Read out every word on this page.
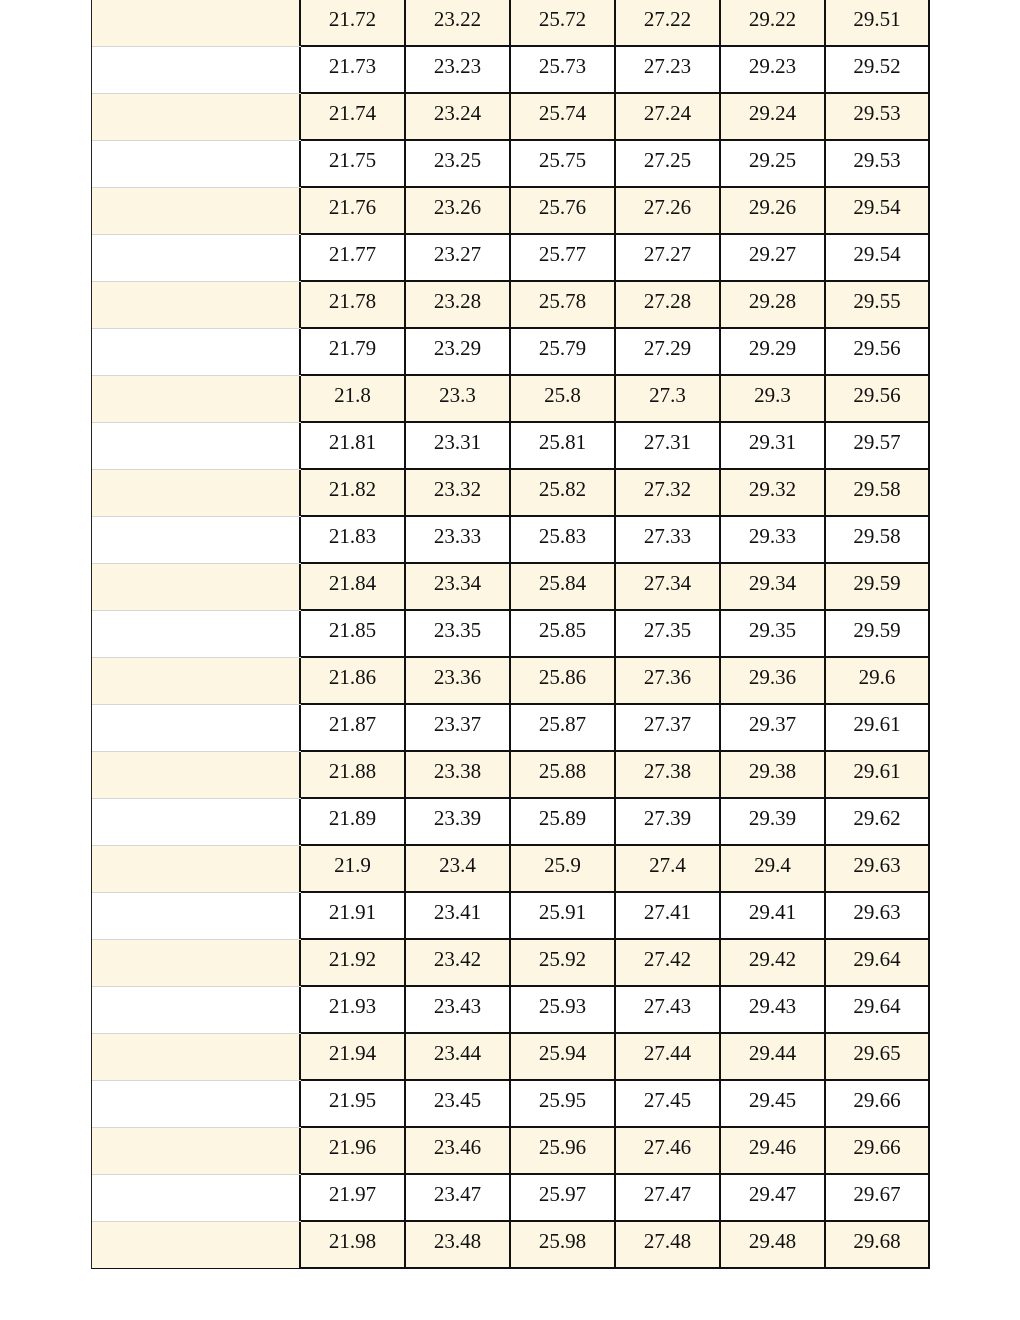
21.72	23.22	25.72	27.22	29.22	29.51
21.73	23.23	25.73	27.23	29.23	29.52
21.74	23.24	25.74	27.24	29.24	29.53
21.75	23.25	25.75	27.25	29.25	29.53
21.76	23.26	25.76	27.26	29.26	29.54
21.77	23.27	25.77	27.27	29.27	29.54
21.78	23.28	25.78	27.28	29.28	29.55
21.79	23.29	25.79	27.29	29.29	29.56
21.8	23.3	25.8	27.3	29.3	29.56
21.81	23.31	25.81	27.31	29.31	29.57
21.82	23.32	25.82	27.32	29.32	29.58
21.83	23.33	25.83	27.33	29.33	29.58
21.84	23.34	25.84	27.34	29.34	29.59
21.85	23.35	25.85	27.35	29.35	29.59
21.86	23.36	25.86	27.36	29.36	29.6
21.87	23.37	25.87	27.37	29.37	29.61
21.88	23.38	25.88	27.38	29.38	29.61
21.89	23.39	25.89	27.39	29.39	29.62
21.9	23.4	25.9	27.4	29.4	29.63
21.91	23.41	25.91	27.41	29.41	29.63
21.92	23.42	25.92	27.42	29.42	29.64
21.93	23.43	25.93	27.43	29.43	29.64
21.94	23.44	25.94	27.44	29.44	29.65
21.95	23.45	25.95	27.45	29.45	29.66
21.96	23.46	25.96	27.46	29.46	29.66
21.97	23.47	25.97	27.47	29.47	29.67
21.98	23.48	25.98	27.48	29.48	29.68
